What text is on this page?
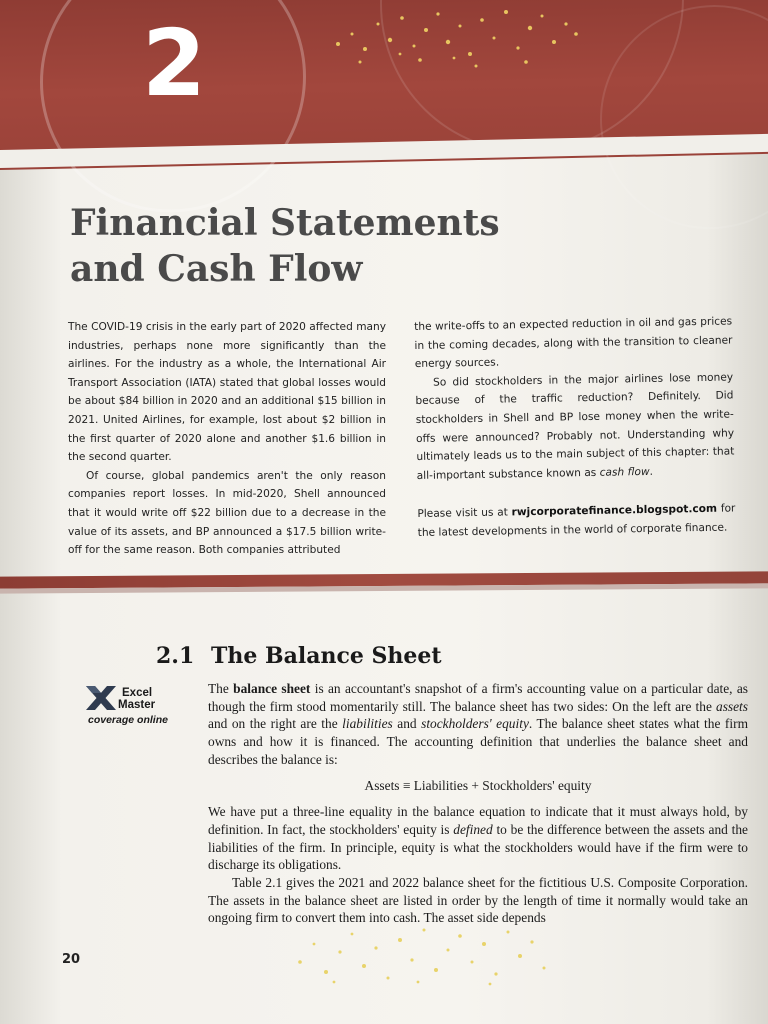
2
Financial Statements
and Cash Flow

The COVID-19 crisis in the early part of 2020 affected many industries, perhaps none more significantly than the airlines. For the industry as a whole, the International Air Transport Association (IATA) stated that global losses would be about $84 billion in 2020 and an additional $15 billion in 2021. United Airlines, for example, lost about $2 billion in the first quarter of 2020 alone and another $1.6 billion in the second quarter.

Of course, global pandemics aren't the only reason companies report losses. In mid-2020, Shell announced that it would write off $22 billion due to a decrease in the value of its assets, and BP announced a $17.5 billion write-off for the same reason. Both companies attributed

the write-offs to an expected reduction in oil and gas prices in the coming decades, along with the transition to cleaner energy sources.

So did stockholders in the major airlines lose money because of the traffic reduction? Definitely. Did stockholders in Shell and BP lose money when the write-offs were announced? Probably not. Understanding why ultimately leads us to the main subject of this chapter: that all-important substance known as cash flow.

Please visit us at rwjcorporatefinance.blogspot.com for the latest developments in the world of corporate finance.

2.1 The Balance Sheet
Excel
Master
coverage online

The balance sheet is an accountant's snapshot of a firm's accounting value on a particular date, as though the firm stood momentarily still. The balance sheet has two sides: On the left are the assets and on the right are the liabilities and stockholders' equity. The balance sheet states what the firm owns and how it is financed. The accounting definition that underlies the balance sheet and describes the balance is:

Assets ≡ Liabilities + Stockholders' equity

We have put a three-line equality in the balance equation to indicate that it must always hold, by definition. In fact, the stockholders' equity is defined to be the difference between the assets and the liabilities of the firm. In principle, equity is what the stockholders would have if the firm were to discharge its obligations.

Table 2.1 gives the 2021 and 2022 balance sheet for the fictitious U.S. Composite Corporation. The assets in the balance sheet are listed in order by the length of time it normally would take an ongoing firm to convert them into cash. The asset side depends

20
